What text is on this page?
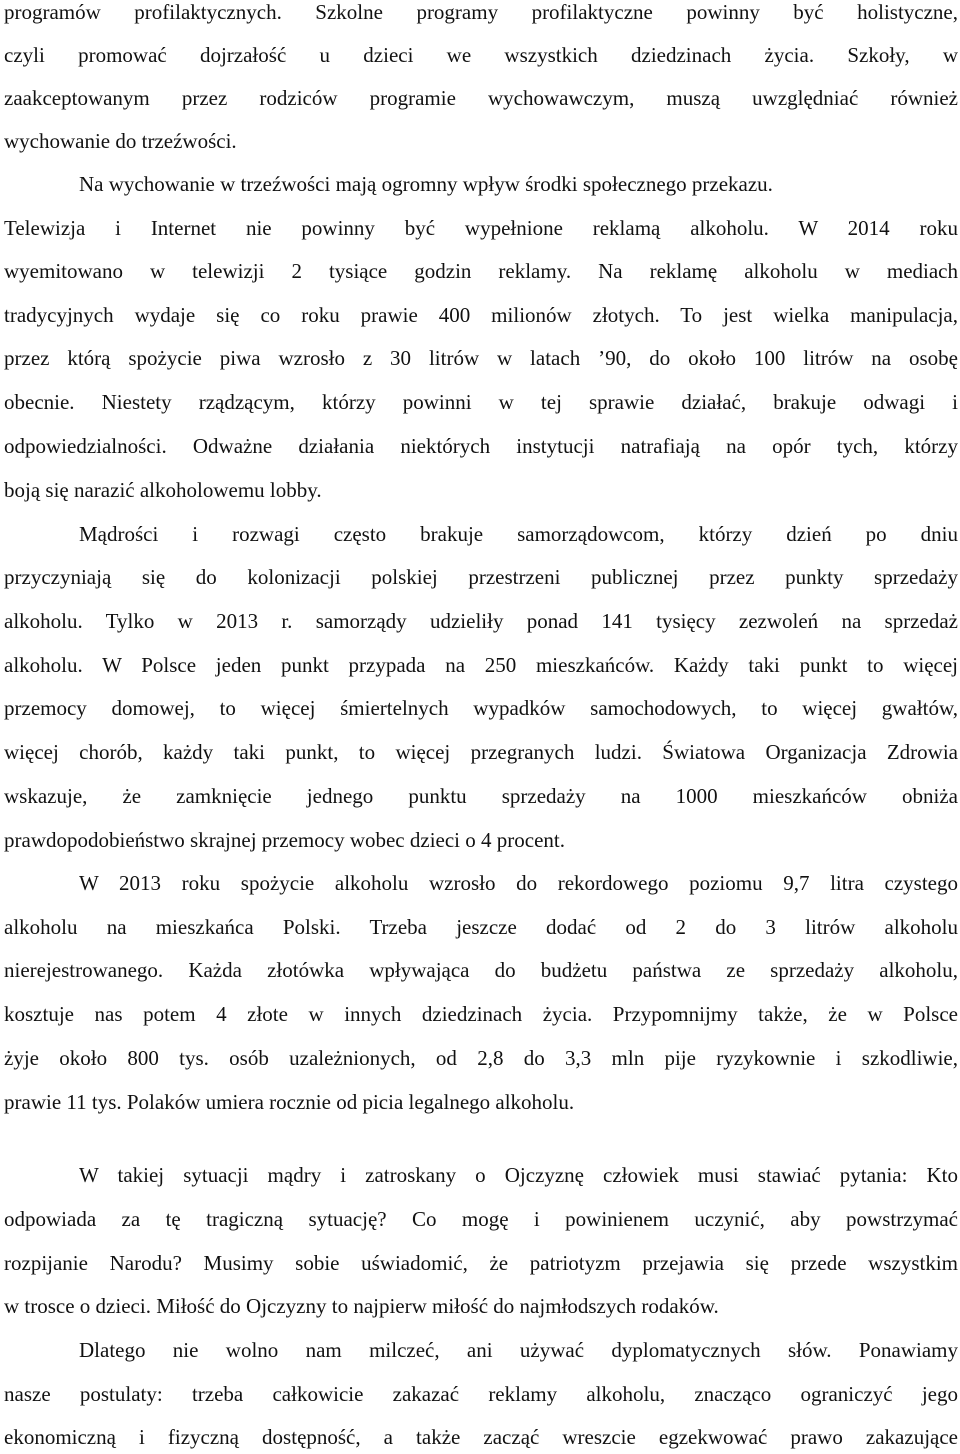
programów profilaktycznych. Szkolne programy profilaktyczne powinny być holistyczne,
czyli promować dojrzałość u dzieci we wszystkich dziedzinach życia. Szkoły, w
zaakceptowanym przez rodziców programie wychowawczym, muszą uwzględniać również
wychowanie do trzeźwości.
Na wychowanie w trzeźwości mają ogromny wpływ środki społecznego przekazu.
Telewizja i Internet nie powinny być wypełnione reklamą alkoholu. W 2014 roku
wyemitowano w telewizji 2 tysiące godzin reklamy. Na reklamę alkoholu w mediach
tradycyjnych wydaje się co roku prawie 400 milionów złotych. To jest wielka manipulacja,
przez którą spożycie piwa wzrosło z 30 litrów w latach ’90, do około 100 litrów na osobę
obecnie. Niestety rządzącym, którzy powinni w tej sprawie działać, brakuje odwagi i
odpowiedzialności. Odważne działania niektórych instytucji natrafiają na opór tych, którzy
boją się narazić alkoholowemu lobby.
Mądrości i rozwagi często brakuje samorządowcom, którzy dzień po dniu
przyczyniają się do kolonizacji polskiej przestrzeni publicznej przez punkty sprzedaży
alkoholu. Tylko w 2013 r. samorządy udzieliły ponad 141 tysięcy zezwoleń na sprzedaż
alkoholu. W Polsce jeden punkt przypada na 250 mieszkańców. Każdy taki punkt to więcej
przemocy domowej, to więcej śmiertelnych wypadków samochodowych, to więcej gwałtów,
więcej chorób, każdy taki punkt, to więcej przegranych ludzi. Światowa Organizacja Zdrowia
wskazuje, że zamknięcie jednego punktu sprzedaży na 1000 mieszkańców obniża
prawdopodobieństwo skrajnej przemocy wobec dzieci o 4 procent.
W 2013 roku spożycie alkoholu wzrosło do rekordowego poziomu 9,7 litra czystego
alkoholu na mieszkańca Polski. Trzeba jeszcze dodać od 2 do 3 litrów alkoholu
nierejestrowanego. Każda złotówka wpływająca do budżetu państwa ze sprzedaży alkoholu,
kosztuje nas potem 4 złote w innych dziedzinach życia. Przypomnijmy także, że w Polsce
żyje około 800 tys. osób uzależnionych, od 2,8 do 3,3 mln pije ryzykownie i szkodliwie,
prawie 11 tys. Polaków umiera rocznie od picia legalnego alkoholu.
W takiej sytuacji mądry i zatroskany o Ojczyznę człowiek musi stawiać pytania: Kto
odpowiada za tę tragiczną sytuację? Co mogę i powinienem uczynić, aby powstrzymać
rozpijanie Narodu? Musimy sobie uświadomić, że patriotyzm przejawia się przede wszystkim
w trosce o dzieci. Miłość do Ojczyzny to najpierw miłość do najmłodszych rodaków.
Dlatego nie wolno nam milczeć, ani używać dyplomatycznych słów. Ponawiamy
nasze postulaty: trzeba całkowicie zakazać reklamy alkoholu, znacząco ograniczyć jego
ekonomiczną i fizyczną dostępność, a także zacząć wreszcie egzekwować prawo zakazujące
